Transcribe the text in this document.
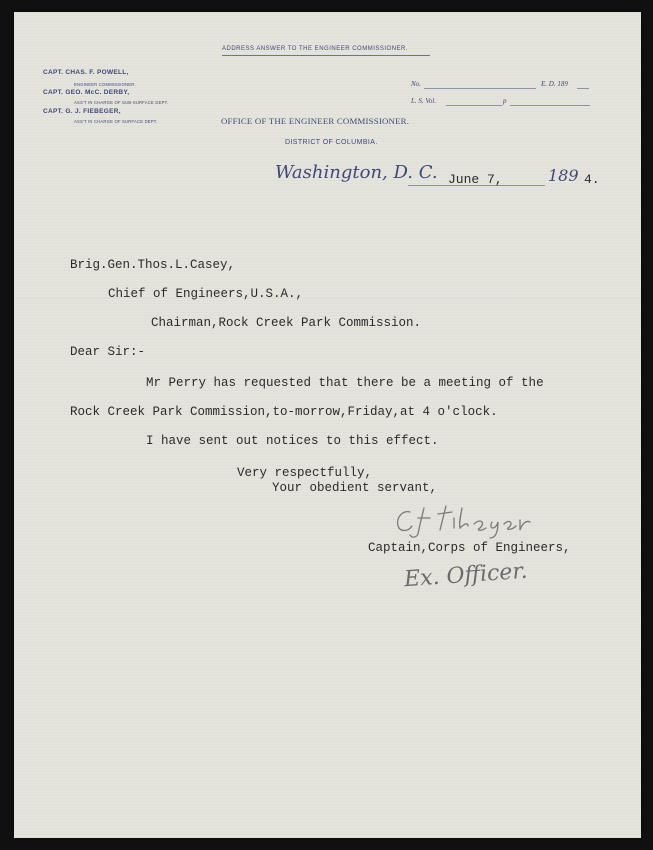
ADDRESS ANSWER TO THE ENGINEER COMMISSIONER.
CAPT. CHAS. F. POWELL,
ENGINEER COMMISSIONER.
CAPT. GEO. McC. DERBY,
ASS'T IN CHARGE OF SUB-SURFACE DEPT.
CAPT. G. J. FIEBEGER,
ASS'T IN CHARGE OF SURFACE DEPT.
No.	E. D. 189
L. S. Vol.	p
OFFICE OF THE ENGINEER COMMISSIONER.
DISTRICT OF COLUMBIA.
Washington, D. C. June 7,	189 4.
Brig.Gen.Thos.L.Casey,
Chief of Engineers,U.S.A.,
Chairman,Rock Creek Park Commission.
Dear Sir:-
Mr Perry has requested that there be a meeting of the
Rock Creek Park Commission,to-morrow,Friday,at 4 o'clock.
I have sent out notices to this effect.
Very respectfully,
Your obedient servant,
Captain,Corps of Engineers,
Ex. Officer.
